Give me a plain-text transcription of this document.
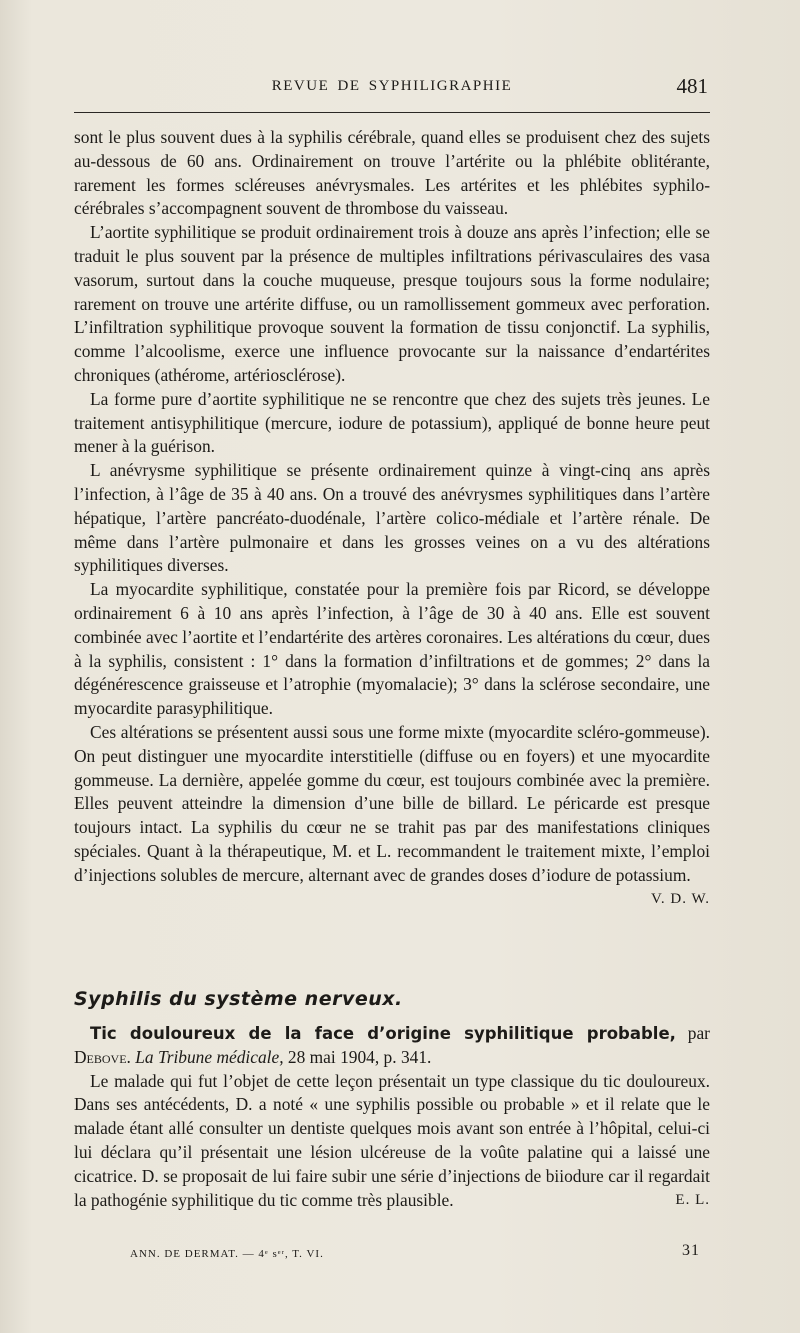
REVUE DE SYPHILIGRAPHIE	481

sont le plus souvent dues à la syphilis cérébrale, quand elles se produisent chez des sujets au-dessous de 60 ans. Ordinairement on trouve l’artérite ou la phlébite oblitérante, rarement les formes scléreuses anévrysmales. Les artérites et les phlébites syphilo-cérébrales s’accompagnent souvent de thrombose du vaisseau.

L’aortite syphilitique se produit ordinairement trois à douze ans après l’infection; elle se traduit le plus souvent par la présence de multiples infiltrations périvasculaires des vasa vasorum, surtout dans la couche muqueuse, presque toujours sous la forme nodulaire; rarement on trouve une artérite diffuse, ou un ramollissement gommeux avec perforation. L’infiltration syphilitique provoque souvent la formation de tissu conjonctif. La syphilis, comme l’alcoolisme, exerce une influence provocante sur la naissance d’endartérites chroniques (athérome, artériosclérose).

La forme pure d’aortite syphilitique ne se rencontre que chez des sujets très jeunes. Le traitement antisyphilitique (mercure, iodure de potassium), appliqué de bonne heure peut mener à la guérison.

L anévrysme syphilitique se présente ordinairement quinze à vingt-cinq ans après l’infection, à l’âge de 35 à 40 ans. On a trouvé des anévrysmes syphilitiques dans l’artère hépatique, l’artère pancréato-duodénale, l’artère colico-médiale et l’artère rénale. De même dans l’artère pulmonaire et dans les grosses veines on a vu des altérations syphilitiques diverses.

La myocardite syphilitique, constatée pour la première fois par Ricord, se développe ordinairement 6 à 10 ans après l’infection, à l’âge de 30 à 40 ans. Elle est souvent combinée avec l’aortite et l’endartérite des artères coronaires. Les altérations du cœur, dues à la syphilis, consistent : 1° dans la formation d’infiltrations et de gommes; 2° dans la dégénérescence graisseuse et l’atrophie (myomalacie); 3° dans la sclérose secondaire, une myocardite parasyphilitique.

Ces altérations se présentent aussi sous une forme mixte (myocardite scléro-gommeuse). On peut distinguer une myocardite interstitielle (diffuse ou en foyers) et une myocardite gommeuse. La dernière, appelée gomme du cœur, est toujours combinée avec la première. Elles peuvent atteindre la dimension d’une bille de billard. Le péricarde est presque toujours intact. La syphilis du cœur ne se trahit pas par des manifestations cliniques spéciales. Quant à la thérapeutique, M. et L. recommandent le traitement mixte, l’emploi d’injections solubles de mercure, alternant avec de grandes doses d’iodure de potassium.
V. D. W.

Syphilis du système nerveux.

Tic douloureux de la face d’origine syphilitique probable, par Debove. La Tribune médicale, 28 mai 1904, p. 341.

Le malade qui fut l’objet de cette leçon présentait un type classique du tic douloureux. Dans ses antécédents, D. a noté « une syphilis possible ou probable » et il relate que le malade étant allé consulter un dentiste quelques mois avant son entrée à l’hôpital, celui-ci lui déclara qu’il présentait une lésion ulcéreuse de la voûte palatine qui a laissé une cicatrice. D. se proposait de lui faire subir une série d’injections de biiodure car il regardait la pathogénie syphilitique du tic comme très plausible.	E. L.

ANN. DE DERMAT. — 4ᵉ sᵉʳ, T. VI.	31
